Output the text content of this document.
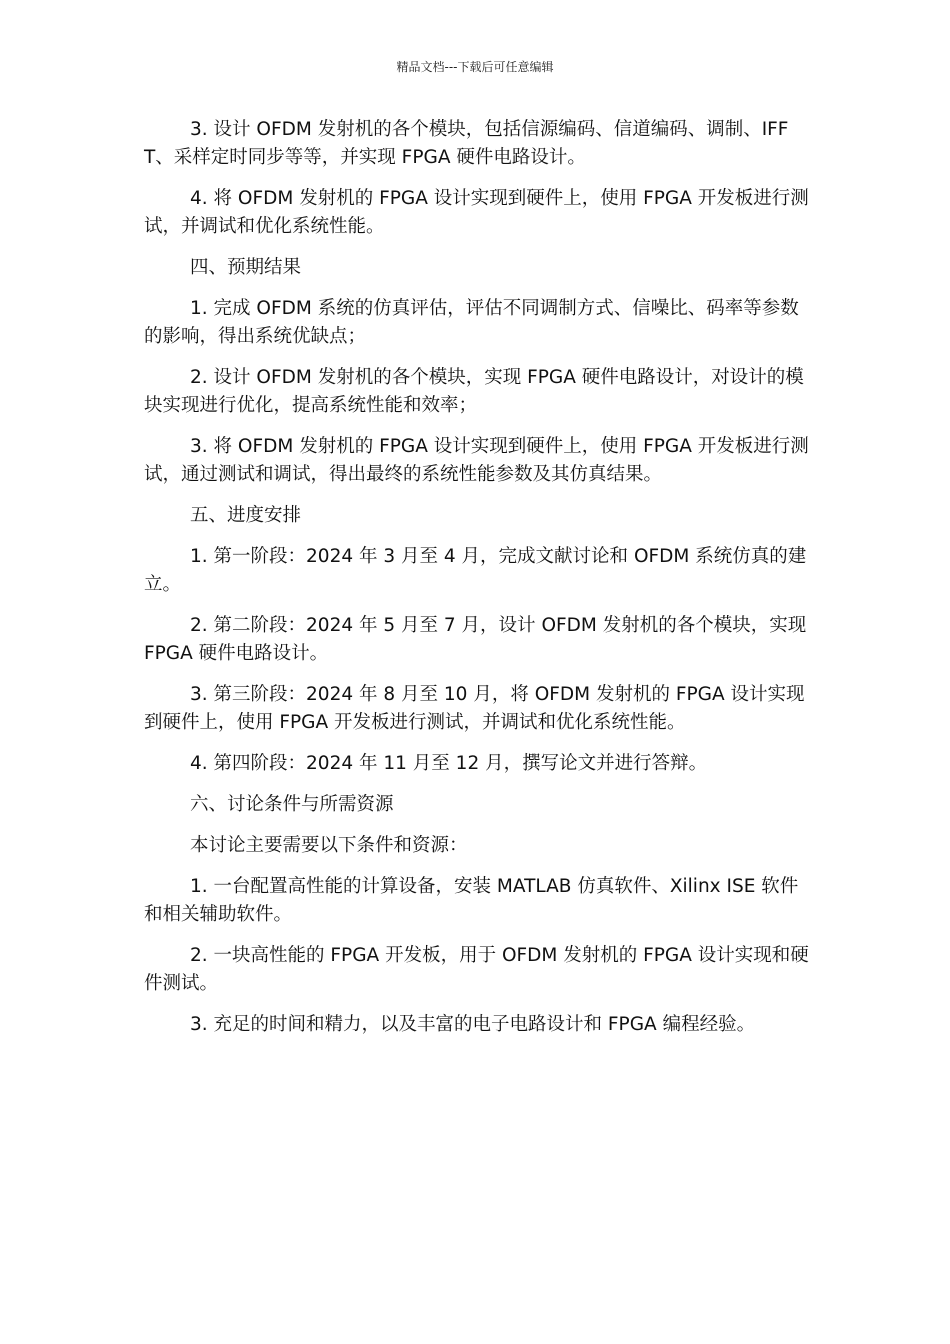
精品文档---下载后可任意编辑

3. 设计 OFDM 发射机的各个模块，包括信源编码、信道编码、调制、IFFT、采样定时同步等等，并实现 FPGA 硬件电路设计。

4. 将 OFDM 发射机的 FPGA 设计实现到硬件上，使用 FPGA 开发板进行测试，并调试和优化系统性能。

四、预期结果

1. 完成 OFDM 系统的仿真评估，评估不同调制方式、信噪比、码率等参数的影响，得出系统优缺点；

2. 设计 OFDM 发射机的各个模块，实现 FPGA 硬件电路设计，对设计的模块实现进行优化，提高系统性能和效率；

3. 将 OFDM 发射机的 FPGA 设计实现到硬件上，使用 FPGA 开发板进行测试，通过测试和调试，得出最终的系统性能参数及其仿真结果。

五、进度安排

1. 第一阶段：2024 年 3 月至 4 月，完成文献讨论和 OFDM 系统仿真的建立。

2. 第二阶段：2024 年 5 月至 7 月，设计 OFDM 发射机的各个模块，实现 FPGA 硬件电路设计。

3. 第三阶段：2024 年 8 月至 10 月，将 OFDM 发射机的 FPGA 设计实现到硬件上，使用 FPGA 开发板进行测试，并调试和优化系统性能。

4. 第四阶段：2024 年 11 月至 12 月，撰写论文并进行答辩。

六、讨论条件与所需资源

本讨论主要需要以下条件和资源：

1. 一台配置高性能的计算设备，安装 MATLAB 仿真软件、Xilinx ISE 软件和相关辅助软件。

2. 一块高性能的 FPGA 开发板，用于 OFDM 发射机的 FPGA 设计实现和硬件测试。

3. 充足的时间和精力，以及丰富的电子电路设计和 FPGA 编程经验。
